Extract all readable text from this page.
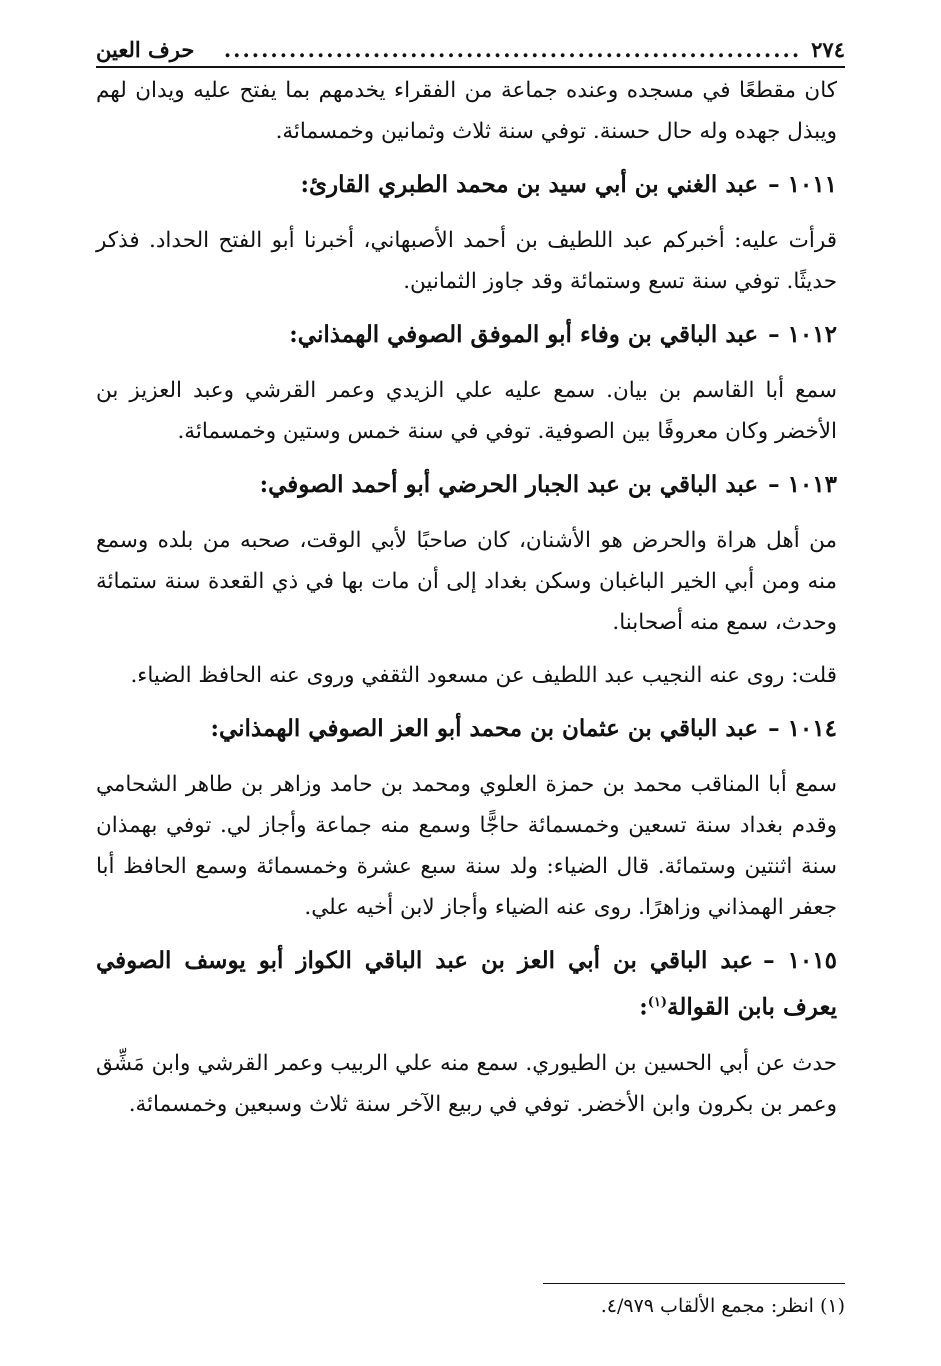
٢٧٤
..............................................................
حرف العين

كان مقطعًا في مسجده وعنده جماعة من الفقراء يخدمهم بما يفتح عليه ويدان لهم ويبذل جهده وله حال حسنة. توفي سنة ثلاث وثمانين وخمسمائة.

١٠١١ –عبد الغني بن أبي سيد بن محمد الطبري القارئ:

قرأت عليه: أخبركم عبد اللطيف بن أحمد الأصبهاني، أخبرنا أبو الفتح الحداد. فذكر حديثًا. توفي سنة تسع وستمائة وقد جاوز الثمانين.

١٠١٢ –عبد الباقي بن وفاء أبو الموفق الصوفي الهمذاني:

سمع أبا القاسم بن بيان. سمع عليه علي الزيدي وعمر القرشي وعبد العزيز بن الأخضر وكان معروفًا بين الصوفية. توفي في سنة خمس وستين وخمسمائة.

١٠١٣ –عبد الباقي بن عبد الجبار الحرضي أبو أحمد الصوفي:

من أهل هراة والحرض هو الأشنان، كان صاحبًا لأبي الوقت، صحبه من بلده وسمع منه ومن أبي الخير الباغبان وسكن بغداد إلى أن مات بها في ذي القعدة سنة ستمائة وحدث، سمع منه أصحابنا.

قلت: روى عنه النجيب عبد اللطيف عن مسعود الثقفي وروى عنه الحافظ الضياء.

١٠١٤ –عبد الباقي بن عثمان بن محمد أبو العز الصوفي الهمذاني:

سمع أبا المناقب محمد بن حمزة العلوي ومحمد بن حامد وزاهر بن طاهر الشحامي وقدم بغداد سنة تسعين وخمسمائة حاجًّا وسمع منه جماعة وأجاز لي. توفي بهمذان سنة اثنتين وستمائة. قال الضياء: ولد سنة سبع عشرة وخمسمائة وسمع الحافظ أبا جعفر الهمذاني وزاهرًا. روى عنه الضياء وأجاز لابن أخيه علي.

١٠١٥ –عبد الباقي بن أبي العز بن عبد الباقي الكواز أبو يوسف الصوفي يعرف بابن القوالة$^{(١)}$:

حدث عن أبي الحسين بن الطيوري. سمع منه علي الربيب وعمر القرشي وابن مَشِّق وعمر بن بكرون وابن الأخضر. توفي في ربيع الآخر سنة ثلاث وسبعين وخمسمائة.

(١) انظر: مجمع الألقاب ٤/٩٧٩.
